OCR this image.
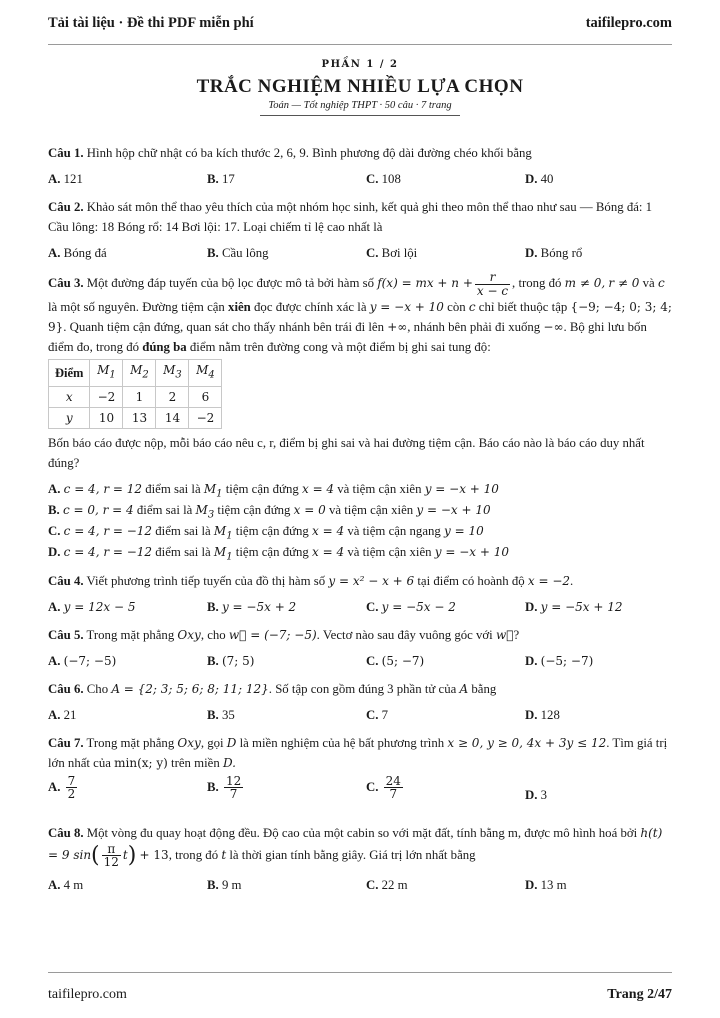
Tải tài liệu · Đề thi PDF miễn phí	taifilepro.com
PHẦN 1 / 2
TRẮC NGHIỆM NHIỀU LỰA CHỌN
Toán — Tốt nghiệp THPT · 50 câu · 7 trang

Câu 1. Hình hộp chữ nhật có ba kích thước 2, 6, 9. Bình phương độ dài đường chéo khối bằng

A. 121	B. 17	C. 108	D. 40

Câu 2. Khảo sát môn thể thao yêu thích của một nhóm học sinh, kết quả ghi theo môn thể thao như sau — Bóng đá: 1 Cầu lông: 18 Bóng rổ: 14 Bơi lội: 17. Loại chiếm tỉ lệ cao nhất là

A. Bóng đá	B. Cầu lông	C. Bơi lội	D. Bóng rổ

Câu 3. Một đường đáp tuyến của bộ lọc được mô tả bởi hàm số f(x) = mx + $n + \frac{r}{x - c}$ , trong đó m ≠ 0, r ≠ 0 và c là một số nguyên. Đường tiệm cận xiên đọc được chính xác là y = −x + 10 còn c chỉ biết thuộc tập {−9; −4; 0; 3; 4; 9}. Quanh tiệm cận đứng, quan sát cho thấy nhánh bên trái đi lên +∞, nhánh bên phải đi xuống −∞. Bộ ghi lưu bốn điểm đo, trong đó đúng ba điểm nằm trên đường cong và một điểm bị ghi sai tung độ:

Điểm	$M_1$	$M_2$	$M_3$	$M_4$
x	−2	1	2	6
y	10	13	14	−2

Bốn báo cáo được nộp, mỗi báo cáo nêu c, r, điểm bị ghi sai và hai đường tiệm cận. Báo cáo nào là báo cáo duy nhất đúng?

A. c = 4, r = 12 điểm sai là $M_1$ tiệm cận đứng x = 4 và tiệm cận xiên y = −x + 10
B. c = 0, r = 4 điểm sai là $M_3$ tiệm cận đứng x = 0 và tiệm cận xiên y = −x + 10
C. c = 4, r = −12 điểm sai là $M_1$ tiệm cận đứng x = 4 và tiệm cận ngang y = 10
D. c = 4, r = −12 điểm sai là $M_1$ tiệm cận đứng x = 4 và tiệm cận xiên y = −x + 10

Câu 4. Viết phương trình tiếp tuyến của đồ thị hàm số y = x² − x + 6 tại điểm có hoành độ x = −2.

A. y = 12x − 5	B. y = −5x + 2	C. y = −5x − 2	D. y = −5x + 12

Câu 5. Trong mặt phẳng Oxy, cho w⃗ = (−7; −5). Vectơ nào sau đây vuông góc với w⃗?

A. (−7; −5)	B. (7; 5)	C. (5; −7)	D. (−5; −7)

Câu 6. Cho A = {2; 3; 5; 6; 8; 11; 12}. Số tập con gồm đúng 3 phần tử của A bằng

A. 21	B. 35	C. 7	D. 128

Câu 7. Trong mặt phẳng Oxy, gọi D là miền nghiệm của hệ bất phương trình x ≥ 0, y ≥ 0, 4x + 3y ≤ 12. Tìm giá trị lớn nhất của min(x; y) trên miền D.

A. $\frac{7}{2}$	B. $\frac{12}{7}$	C. $\frac{24}{7}$	D. 3

Câu 8. Một vòng đu quay hoạt động đều. Độ cao của một cabin so với mặt đất, tính bằng m, được mô hình hoá bởi h(t) = 9 $\sin( \frac{\pi}{12} t) + 13$, trong đó t là thời gian tính bằng giây. Giá trị lớn nhất bằng

A. 4 m	B. 9 m	C. 22 m	D. 13 m
taifilepro.com	Trang 2/47
